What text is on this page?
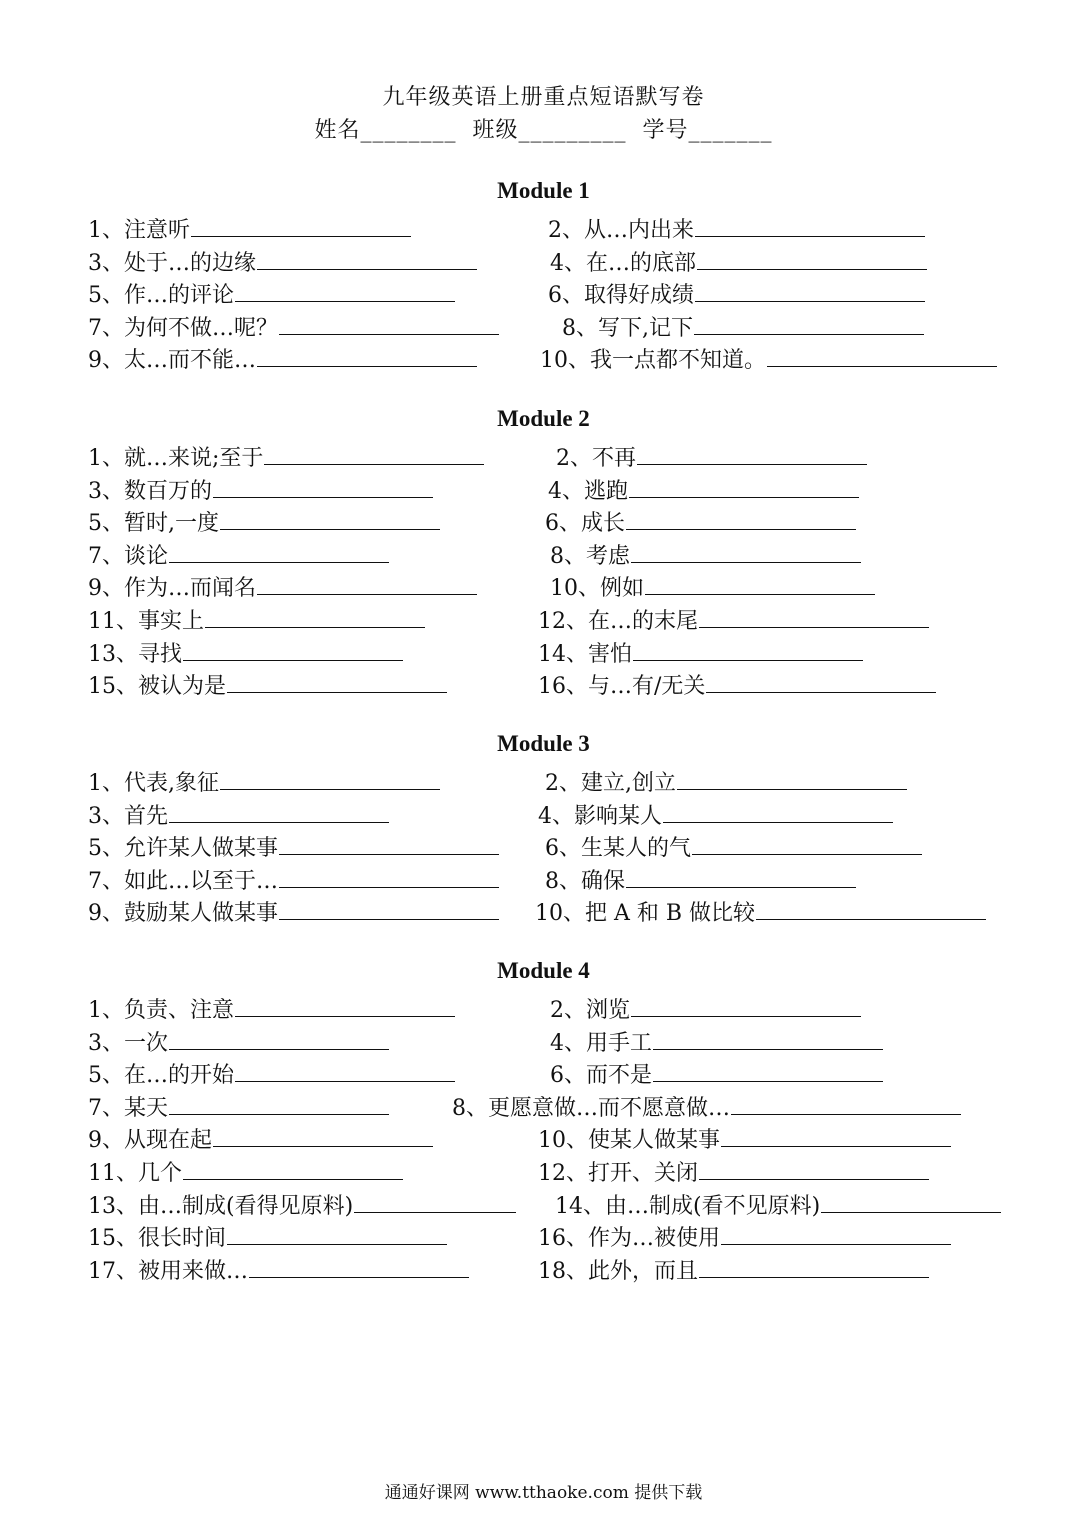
九年级英语上册重点短语默写卷
姓名________ 班级_________ 学号_______
Module 1
1、注意听	2、从…内出来
3、处于…的边缘	4、在…的底部
5、作…的评论	6、取得好成绩
7、为何不做…呢？	8、写下,记下
9、太…而不能…	10、我一点都不知道。
Module 2
1、就…来说;至于	2、不再
3、数百万的	4、逃跑
5、暂时,一度	6、成长
7、谈论	8、考虑
9、作为…而闻名	10、例如
11、事实上	12、在…的末尾
13、寻找	14、害怕
15、被认为是	16、与…有/无关
Module 3
1、代表,象征	2、建立,创立
3、首先	4、影响某人
5、允许某人做某事	6、生某人的气
7、如此…以至于…	8、确保
9、鼓励某人做某事	10、把 A 和 B 做比较
Module 4
1、负责、注意	2、浏览
3、一次	4、用手工
5、在…的开始	6、而不是
7、某天	8、更愿意做…而不愿意做…
9、从现在起	10、使某人做某事
11、几个	12、打开、关闭
13、由…制成(看得见原料)	14、由…制成(看不见原料)
15、很长时间	16、作为…被使用
17、被用来做…	18、此外，而且
通通好课网 www.tthaoke.com 提供下载
